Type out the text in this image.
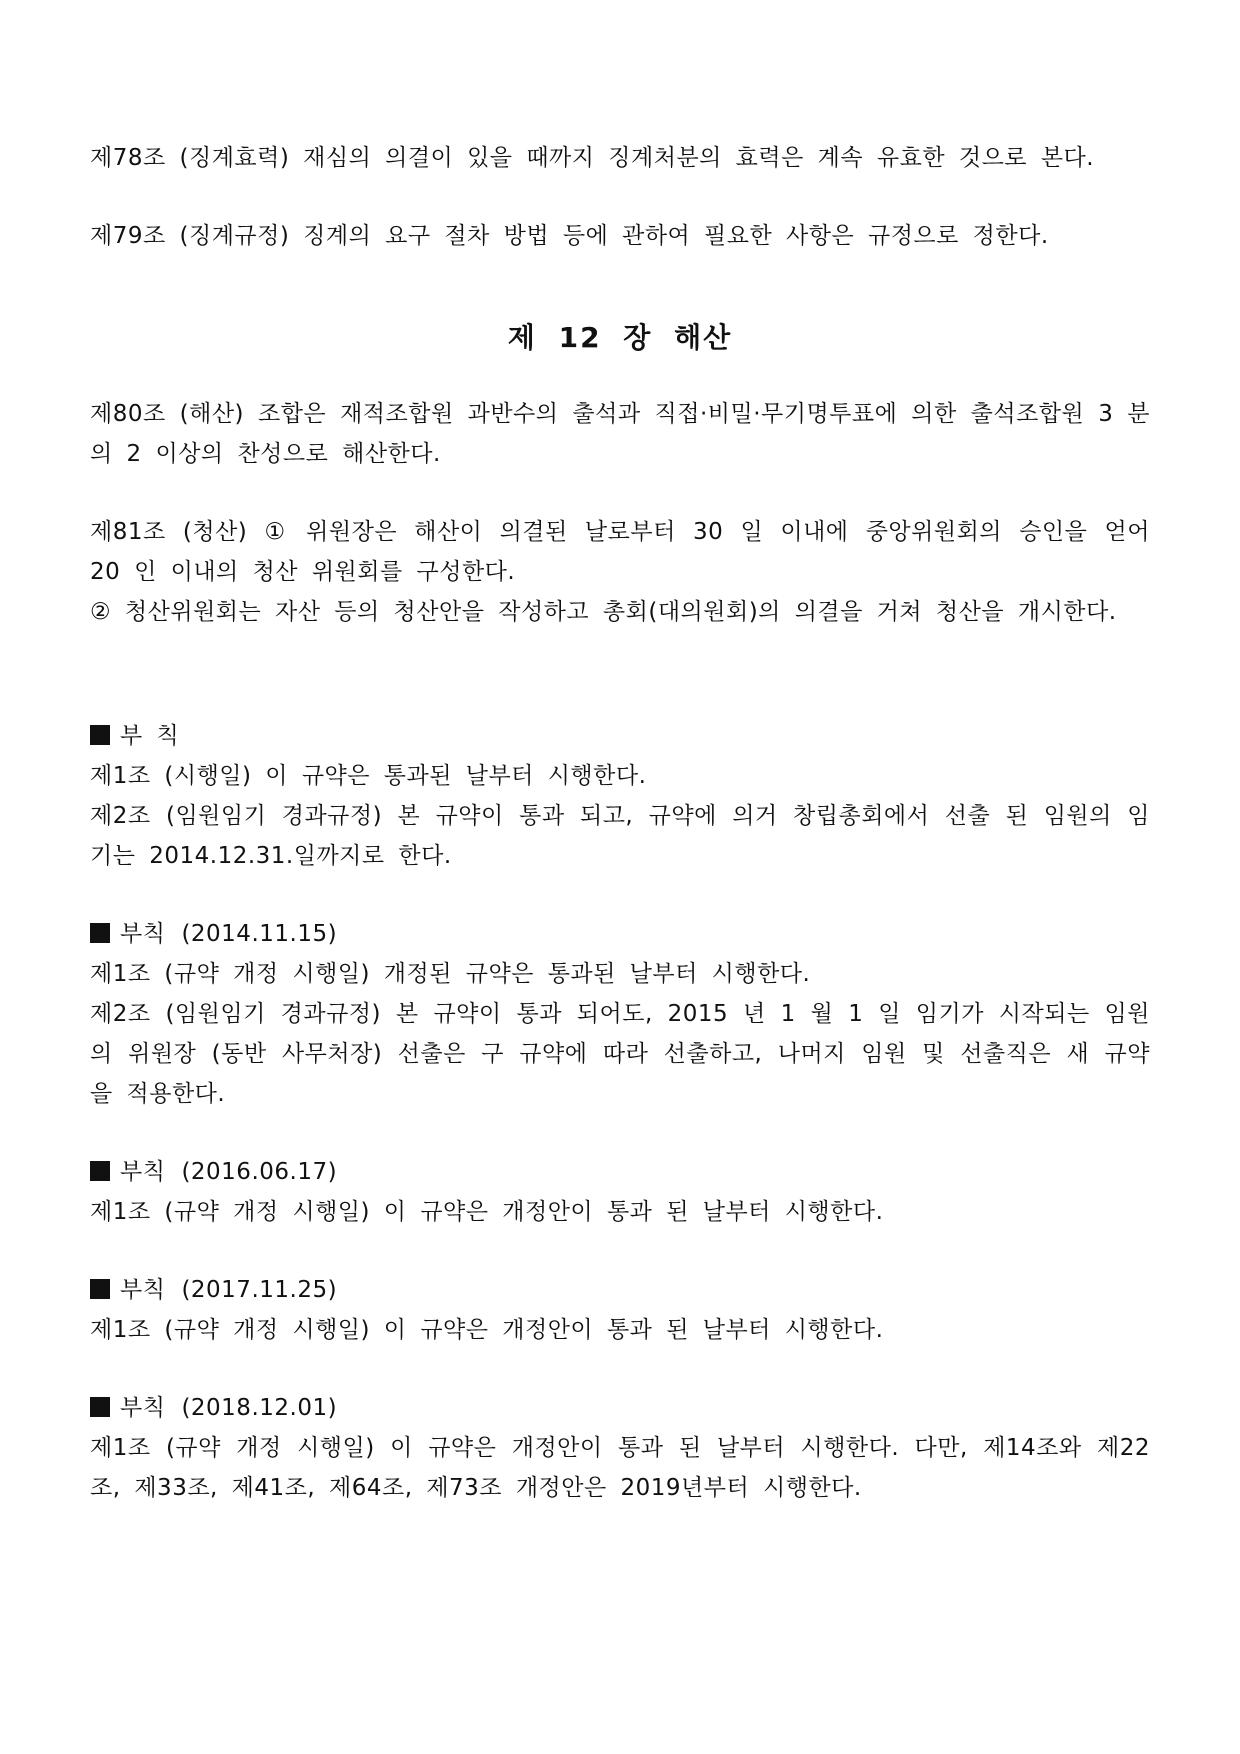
제78조 (징계효력) 재심의 의결이 있을 때까지 징계처분의 효력은 계속 유효한 것으로 본다.

제79조 (징계규정) 징계의 요구 절차 방법 등에 관하여 필요한 사항은 규정으로 정한다.

제 12 장 해산

제80조 (해산) 조합은 재적조합원 과반수의 출석과 직접·비밀·무기명투표에 의한 출석조합원 3 분의 2 이상의 찬성으로 해산한다.

제81조 (청산) ① 위원장은 해산이 의결된 날로부터 30 일 이내에 중앙위원회의 승인을 얻어 20 인 이내의 청산 위원회를 구성한다.

② 청산위원회는 자산 등의 청산안을 작성하고 총회(대의원회)의 의결을 거쳐 청산을 개시한다.

부 칙

제1조 (시행일) 이 규약은 통과된 날부터 시행한다.

제2조 (임원임기 경과규정) 본 규약이 통과 되고, 규약에 의거 창립총회에서 선출 된 임원의 임기는 2014.12.31.일까지로 한다.

부칙 (2014.11.15)

제1조 (규약 개정 시행일) 개정된 규약은 통과된 날부터 시행한다.

제2조 (임원임기 경과규정) 본 규약이 통과 되어도, 2015 년 1 월 1 일 임기가 시작되는 임원의 위원장 (동반 사무처장) 선출은 구 규약에 따라 선출하고, 나머지 임원 및 선출직은 새 규약을 적용한다.

부칙 (2016.06.17)

제1조 (규약 개정 시행일) 이 규약은 개정안이 통과 된 날부터 시행한다.

부칙 (2017.11.25)

제1조 (규약 개정 시행일) 이 규약은 개정안이 통과 된 날부터 시행한다.

부칙 (2018.12.01)

제1조 (규약 개정 시행일) 이 규약은 개정안이 통과 된 날부터 시행한다. 다만, 제14조와 제22조, 제33조, 제41조, 제64조, 제73조 개정안은 2019년부터 시행한다.
